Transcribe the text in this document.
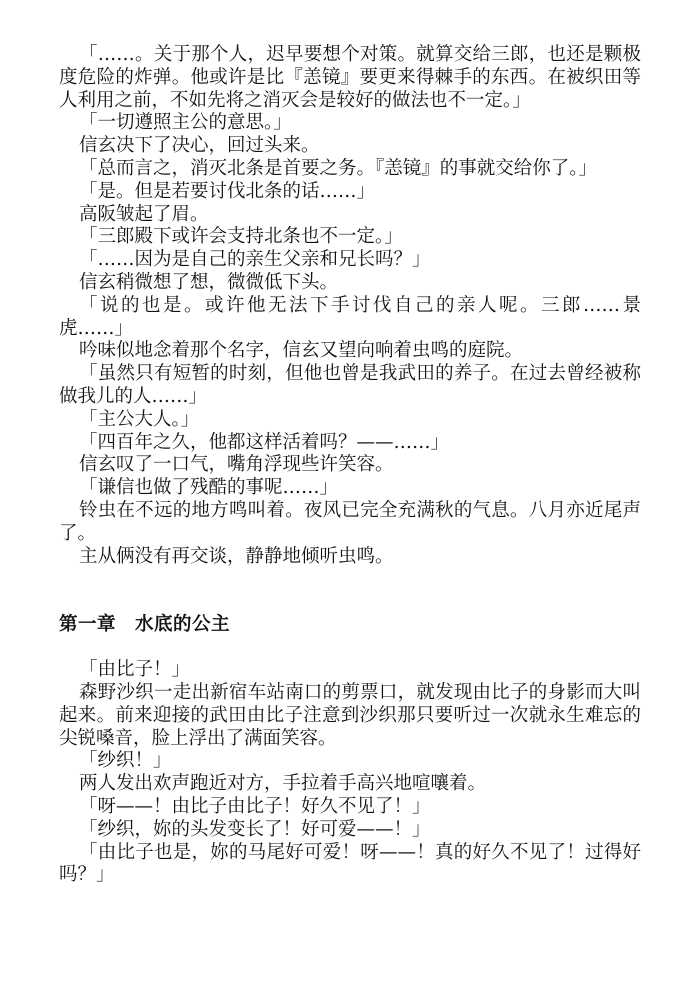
「……。关于那个人，迟早要想个对策。就算交给三郎，也还是颗极度危险的炸弹。他或许是比『恙镜』要更来得棘手的东西。在被织田等人利用之前，不如先将之消灭会是较好的做法也不一定。」

「一切遵照主公的意思。」

信玄决下了决心，回过头来。

「总而言之，消灭北条是首要之务。『恙镜』的事就交给你了。」

「是。但是若要讨伐北条的话……」

高阪皱起了眉。

「三郎殿下或许会支持北条也不一定。」

「……因为是自己的亲生父亲和兄长吗？」

信玄稍微想了想，微微低下头。

「说的也是。或许他无法下手讨伐自己的亲人呢。三郎……景虎……」

吟味似地念着那个名字，信玄又望向响着虫鸣的庭院。

「虽然只有短暂的时刻，但他也曾是我武田的养子。在过去曾经被称做我儿的人……」

「主公大人。」

「四百年之久，他都这样活着吗？——……」

信玄叹了一口气，嘴角浮现些许笑容。

「谦信也做了残酷的事呢……」

铃虫在不远的地方鸣叫着。夜风已完全充满秋的气息。八月亦近尾声了。

主从俩没有再交谈，静静地倾听虫鸣。

第一章　水底的公主

「由比子！」

森野沙织一走出新宿车站南口的剪票口，就发现由比子的身影而大叫起来。前来迎接的武田由比子注意到沙织那只要听过一次就永生难忘的尖锐嗓音，脸上浮出了满面笑容。

「纱织！」

两人发出欢声跑近对方，手拉着手高兴地喧嚷着。

「呀——！由比子由比子！好久不见了！」

「纱织，妳的头发变长了！好可爱——！」

「由比子也是，妳的马尾好可爱！呀——！真的好久不见了！过得好吗？」
